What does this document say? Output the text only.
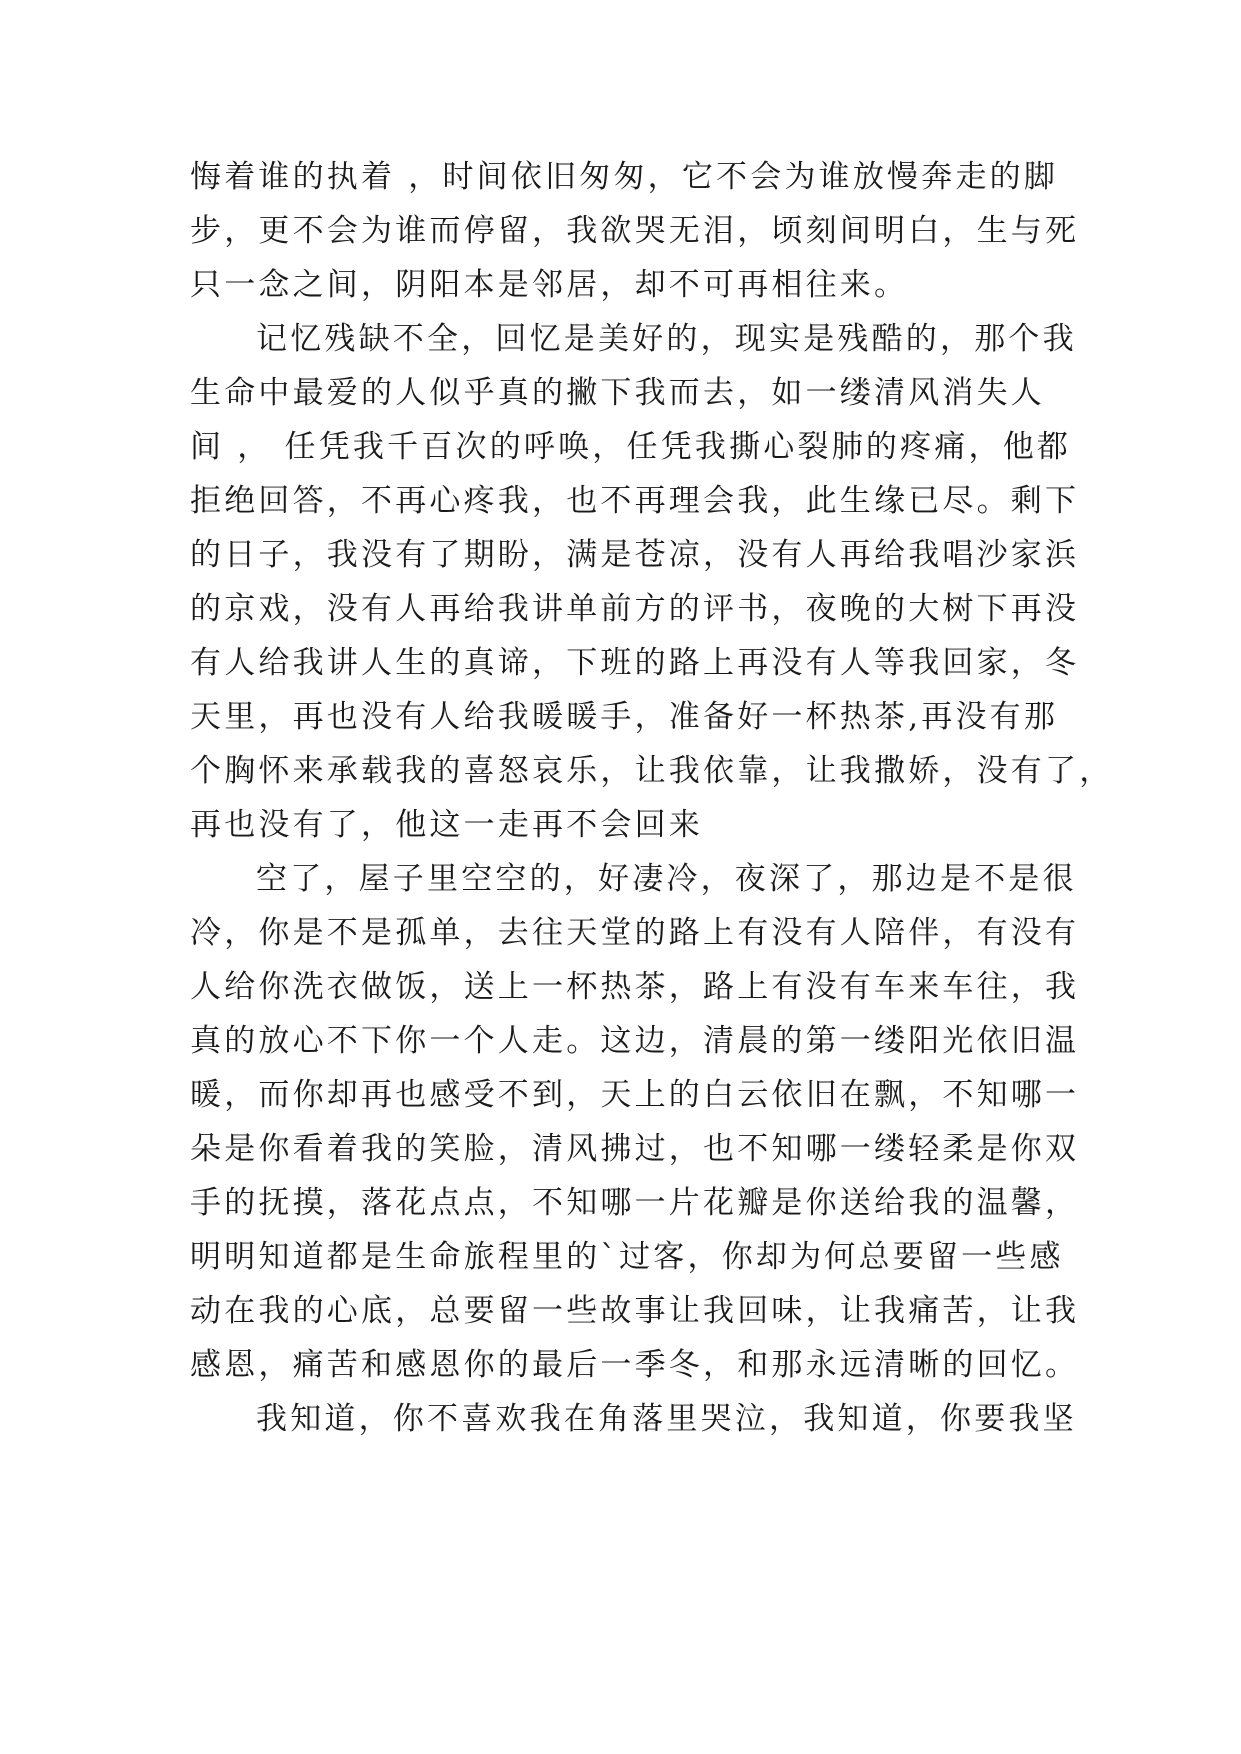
悔着谁的执着 ，时间依旧匆匆，它不会为谁放慢奔走的脚
步，更不会为谁而停留，我欲哭无泪，顷刻间明白，生与死
只一念之间，阴阳本是邻居，却不可再相往来。
记忆残缺不全，回忆是美好的，现实是残酷的，那个我
生命中最爱的人似乎真的撇下我而去，如一缕清风消失人
间 ， 任凭我千百次的呼唤，任凭我撕心裂肺的疼痛，他都
拒绝回答，不再心疼我，也不再理会我，此生缘已尽。剩下
的日子，我没有了期盼，满是苍凉，没有人再给我唱沙家浜
的京戏，没有人再给我讲单前方的评书，夜晚的大树下再没
有人给我讲人生的真谛，下班的路上再没有人等我回家，冬
天里，再也没有人给我暖暖手，准备好一杯热茶,再没有那
个胸怀来承载我的喜怒哀乐，让我依靠，让我撒娇，没有了，
再也没有了，他这一走再不会回来
空了，屋子里空空的，好凄冷，夜深了，那边是不是很
冷，你是不是孤单，去往天堂的路上有没有人陪伴，有没有
人给你洗衣做饭，送上一杯热茶，路上有没有车来车往，我
真的放心不下你一个人走。这边，清晨的第一缕阳光依旧温
暖，而你却再也感受不到，天上的白云依旧在飘，不知哪一
朵是你看着我的笑脸，清风拂过，也不知哪一缕轻柔是你双
手的抚摸，落花点点，不知哪一片花瓣是你送给我的温馨，
明明知道都是生命旅程里的`过客，你却为何总要留一些感
动在我的心底，总要留一些故事让我回味，让我痛苦，让我
感恩，痛苦和感恩你的最后一季冬，和那永远清晰的回忆。
我知道，你不喜欢我在角落里哭泣，我知道，你要我坚
